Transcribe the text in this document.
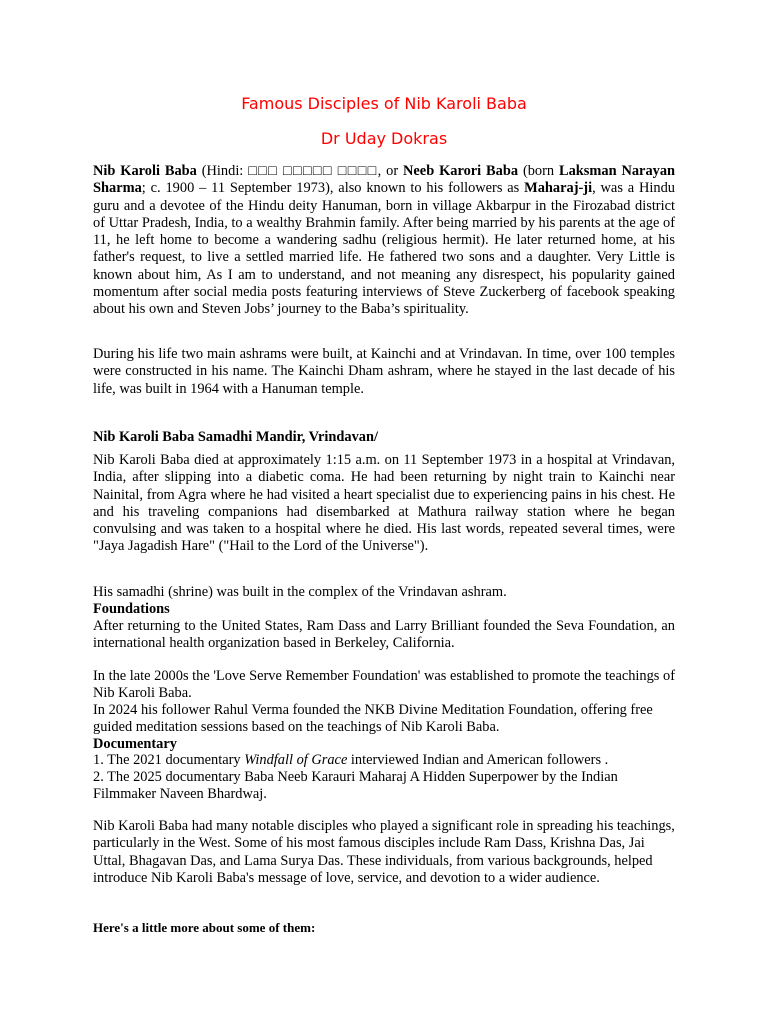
Famous Disciples of Nib Karoli Baba
Dr Uday Dokras

Nib Karoli Baba (Hindi: □□□ □□□□□ □□□□, or Neeb Karori Baba (born Laksman Narayan Sharma; c. 1900 – 11 September 1973), also known to his followers as Maharaj-ji, was a Hindu guru and a devotee of the Hindu deity Hanuman, born in village Akbarpur in the Firozabad district of Uttar Pradesh, India, to a wealthy Brahmin family. After being married by his parents at the age of 11, he left home to become a wandering sadhu (religious hermit). He later returned home, at his father's request, to live a settled married life. He fathered two sons and a daughter. Very Little is known about him, As I am to understand, and not meaning any disrespect, his popularity gained momentum after social media posts featuring interviews of Steve Zuckerberg of facebook speaking about his own and Steven Jobs’ journey to the Baba’s spirituality.

During his life two main ashrams were built, at Kainchi and at Vrindavan. In time, over 100 temples were constructed in his name. The Kainchi Dham ashram, where he stayed in the last decade of his life, was built in 1964 with a Hanuman temple.

Nib Karoli Baba Samadhi Mandir, Vrindavan/

Nib Karoli Baba died at approximately 1:15 a.m. on 11 September 1973 in a hospital at Vrindavan, India, after slipping into a diabetic coma. He had been returning by night train to Kainchi near Nainital, from Agra where he had visited a heart specialist due to experiencing pains in his chest. He and his traveling companions had disembarked at Mathura railway station where he began convulsing and was taken to a hospital where he died. His last words, repeated several times, were "Jaya Jagadish Hare" ("Hail to the Lord of the Universe").

His samadhi (shrine) was built in the complex of the Vrindavan ashram.

Foundations

After returning to the United States, Ram Dass and Larry Brilliant founded the Seva Foundation, an international health organization based in Berkeley, California.

In the late 2000s the 'Love Serve Remember Foundation' was established to promote the teachings of Nib Karoli Baba.

In 2024 his follower Rahul Verma founded the NKB Divine Meditation Foundation, offering free guided meditation sessions based on the teachings of Nib Karoli Baba.

Documentary

1. The 2021 documentary Windfall of Grace interviewed Indian and American followers .

2. The 2025 documentary Baba Neeb Karauri Maharaj A Hidden Superpower by the Indian Filmmaker Naveen Bhardwaj.

Nib Karoli Baba had many notable disciples who played a significant role in spreading his teachings, particularly in the West. Some of his most famous disciples include Ram Dass, Krishna Das, Jai Uttal, Bhagavan Das, and Lama Surya Das. These individuals, from various backgrounds, helped introduce Nib Karoli Baba's message of love, service, and devotion to a wider audience.

Here's a little more about some of them:
